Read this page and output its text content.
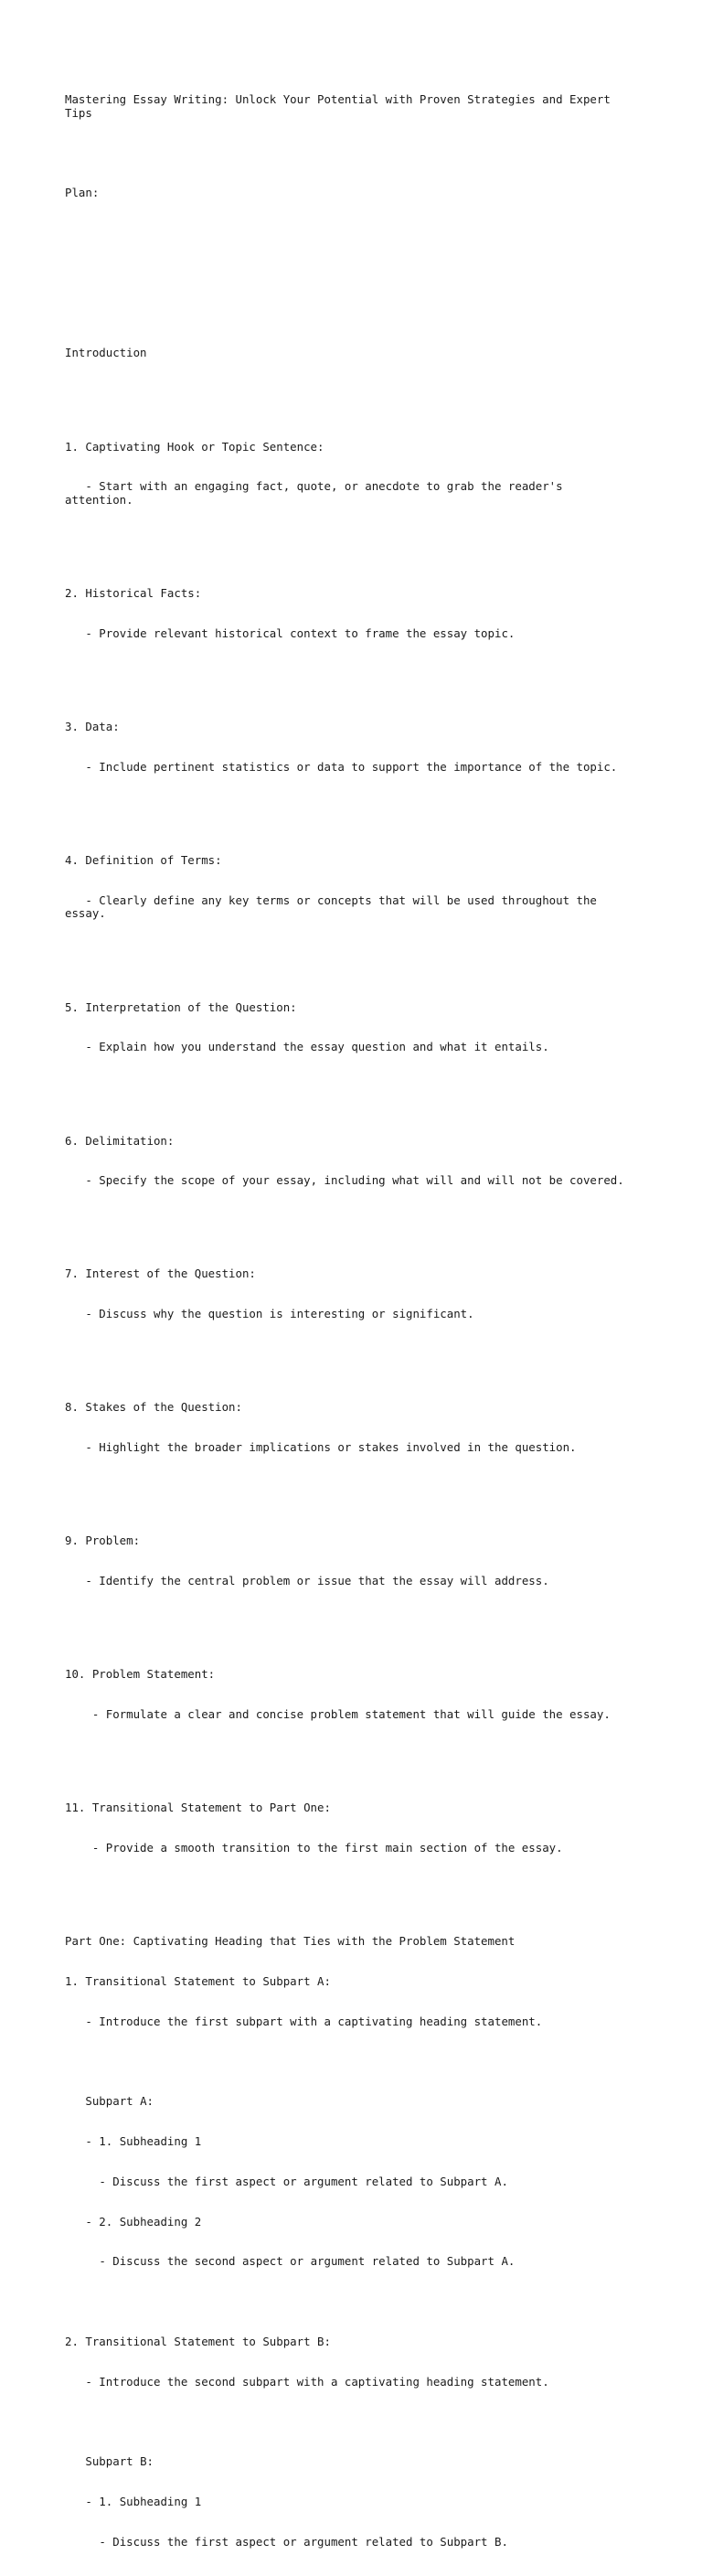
Mastering Essay Writing: Unlock Your Potential with Proven Strategies and Expert
Tips

Plan:

Introduction

1. Captivating Hook or Topic Sentence:

- Start with an engaging fact, quote, or anecdote to grab the reader's
attention.

2. Historical Facts:

- Provide relevant historical context to frame the essay topic.

3. Data:

- Include pertinent statistics or data to support the importance of the topic.

4. Definition of Terms:

- Clearly define any key terms or concepts that will be used throughout the
essay.

5. Interpretation of the Question:

- Explain how you understand the essay question and what it entails.

6. Delimitation:

- Specify the scope of your essay, including what will and will not be covered.

7. Interest of the Question:

- Discuss why the question is interesting or significant.

8. Stakes of the Question:

- Highlight the broader implications or stakes involved in the question.

9. Problem:

- Identify the central problem or issue that the essay will address.

10. Problem Statement:

- Formulate a clear and concise problem statement that will guide the essay.

11. Transitional Statement to Part One:

- Provide a smooth transition to the first main section of the essay.

Part One: Captivating Heading that Ties with the Problem Statement

1. Transitional Statement to Subpart A:

- Introduce the first subpart with a captivating heading statement.

Subpart A:

- 1. Subheading 1

- Discuss the first aspect or argument related to Subpart A.

- 2. Subheading 2

- Discuss the second aspect or argument related to Subpart A.

2. Transitional Statement to Subpart B:

- Introduce the second subpart with a captivating heading statement.

Subpart B:

- 1. Subheading 1

- Discuss the first aspect or argument related to Subpart B.
